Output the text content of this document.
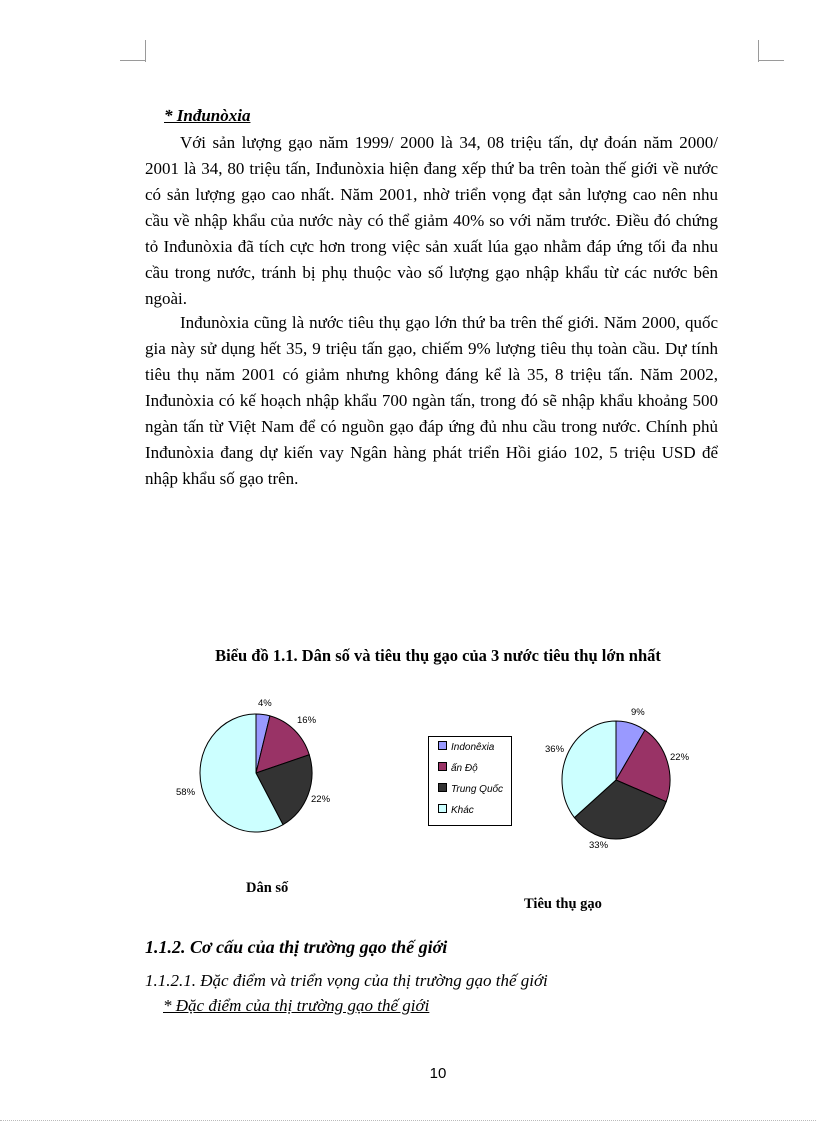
* Inđunòxia
Với sản lượng gạo năm 1999/ 2000 là 34, 08 triệu tấn, dự đoán năm 2000/ 2001 là 34, 80 triệu tấn, Inđunòxia hiện đang xếp thứ ba trên toàn thế giới về nước có sản lượng gạo cao nhất. Năm 2001, nhờ triển vọng đạt sản lượng cao nên nhu cầu về nhập khẩu của nước này có thể giảm 40% so với năm trước. Điều đó chứng tỏ Inđunòxia đã tích cực hơn trong việc sản xuất lúa gạo nhằm đáp ứng tối đa nhu cầu trong nước, tránh bị phụ thuộc vào số lượng gạo nhập khẩu từ các nước bên ngoài.
Inđunòxia cũng là nước tiêu thụ gạo lớn thứ ba trên thế giới. Năm 2000, quốc gia này sử dụng hết 35, 9 triệu tấn gạo, chiếm 9% lượng tiêu thụ toàn cầu. Dự tính tiêu thụ năm 2001 có giảm nhưng không đáng kể là 35, 8 triệu tấn. Năm 2002, Inđunòxia có kế hoạch nhập khẩu 700 ngàn tấn, trong đó sẽ nhập khẩu khoảng 500 ngàn tấn từ Việt Nam để có nguồn gạo đáp ứng đủ nhu cầu trong nước. Chính phủ Inđunòxia đang dự kiến vay Ngân hàng phát triển Hồi giáo 102, 5 triệu USD để nhập khẩu số gạo trên.
Biểu đồ 1.1. Dân số và tiêu thụ gạo của 3 nước tiêu thụ lớn nhất
4%
16%
22%
58%
Indonêxia
ấn Độ
Trung Quốc
Khác
9%
22%
33%
36%
Dân số
Tiêu thụ gạo
1.1.2. Cơ cấu của thị trường gạo thế giới
1.1.2.1. Đặc điểm và triển vọng của thị trường gạo thế giới
* Đặc điểm của thị trường gạo thế giới
10
